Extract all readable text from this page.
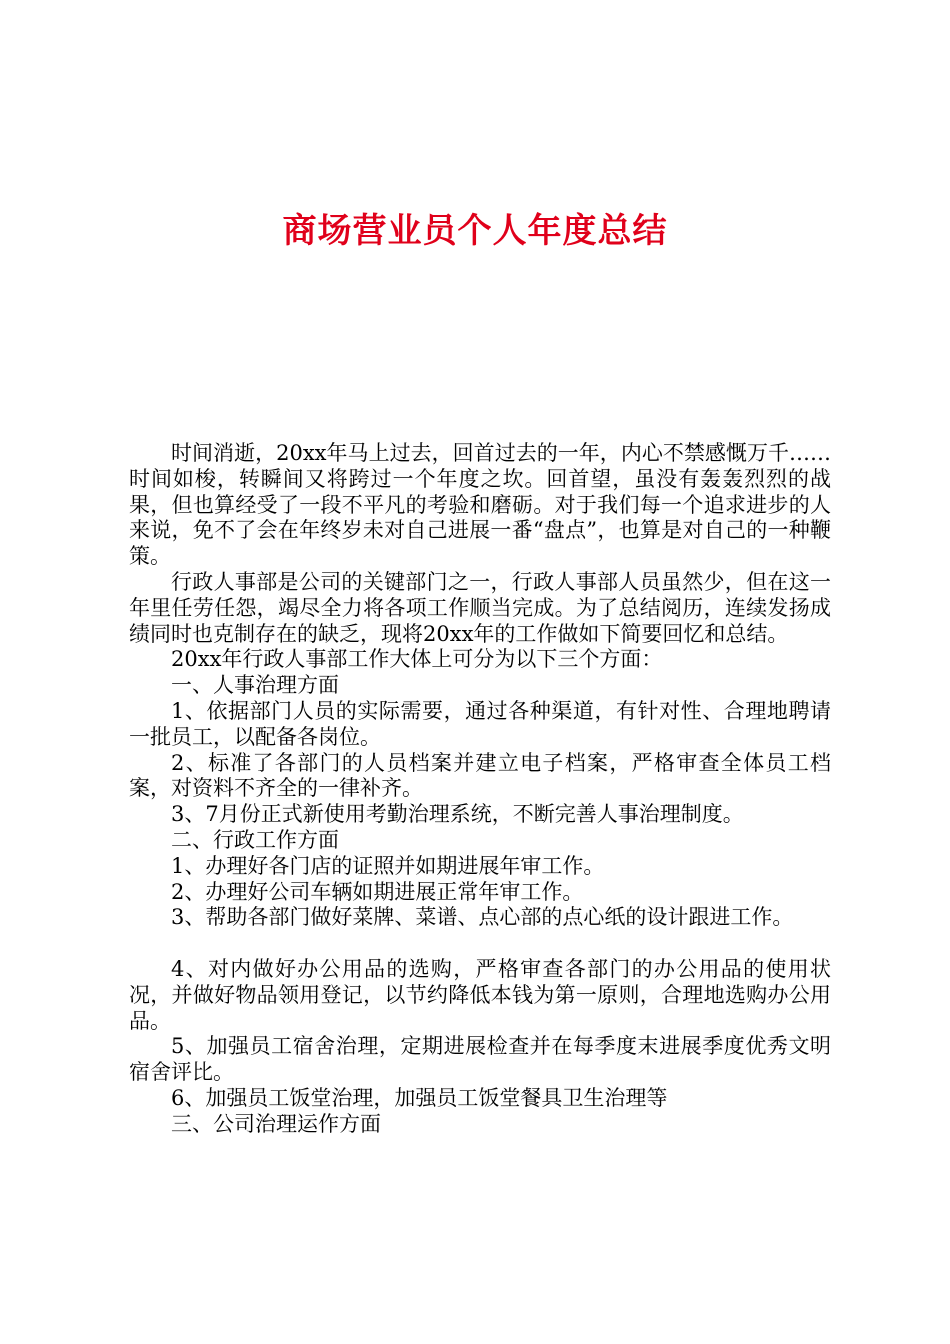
商场营业员个人年度总结

时间消逝，20xx年马上过去，回首过去的一年，内心不禁感慨万千……时间如梭，转瞬间又将跨过一个年度之坎。回首望，虽没有轰轰烈烈的战果，但也算经受了一段不平凡的考验和磨砺。对于我们每一个追求进步的人来说，免不了会在年终岁未对自己进展一番“盘点”，也算是对自己的一种鞭策。

行政人事部是公司的关键部门之一，行政人事部人员虽然少，但在这一年里任劳任怨，竭尽全力将各项工作顺当完成。为了总结阅历，连续发扬成绩同时也克制存在的缺乏，现将20xx年的工作做如下简要回忆和总结。

20xx年行政人事部工作大体上可分为以下三个方面：

一、人事治理方面

1、依据部门人员的实际需要，通过各种渠道，有针对性、合理地聘请一批员工，以配备各岗位。

2、标准了各部门的人员档案并建立电子档案，严格审查全体员工档案，对资料不齐全的一律补齐。

3、7月份正式新使用考勤治理系统，不断完善人事治理制度。

二、行政工作方面

1、办理好各门店的证照并如期进展年审工作。

2、办理好公司车辆如期进展正常年审工作。

3、帮助各部门做好菜牌、菜谱、点心部的点心纸的设计跟进工作。

4、对内做好办公用品的选购，严格审查各部门的办公用品的使用状况，并做好物品领用登记，以节约降低本钱为第一原则，合理地选购办公用品。

5、加强员工宿舍治理，定期进展检查并在每季度末进展季度优秀文明宿舍评比。

6、加强员工饭堂治理，加强员工饭堂餐具卫生治理等

三、公司治理运作方面
